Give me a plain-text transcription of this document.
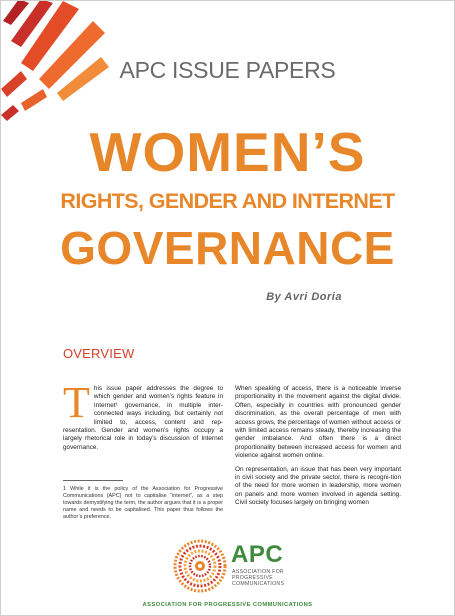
APC ISSUE PAPERS
WOMEN’S
RIGHTS, GENDER AND INTERNET
GOVERNANCE
By Avri Doria
OVERVIEW
T his issue paper addresses the degree to which gender and women’s rights feature in Internet¹ governance, in multiple inter-connected ways including, but certainly not limited to, access, content and rep-resentation. Gender and women’s rights occupy a largely rhetorical role in today’s discussion of Internet governance.

When speaking of access, there is a noticeable inverse proportionality in the movement against the digital divide. Often, especially in countries with pronounced gender discrimination, as the overall percentage of men with access grows, the percentage of women without access or with limited access remains steady, thereby increasing the gender imbalance. And often there is a direct proportionality between increased access for women and violence against women online.

On representation, an issue that has been very important in civil society and the private sector, there is recogni-tion of the need for more women in leadership, more women on panels and more women involved in agenda setting. Civil society focuses largely on bringing women

1 While it is the policy of the Association for Progressive Communications (APC) not to capitalise “internet”, as a step towards demystifying the term, the author argues that it is a proper name and needs to be capitalised. This paper thus follows the author’s preference.
APC
ASSOCIATION FOR PROGRESSIVE COMMUNICATIONS
ASSOCIATION FOR PROGRESSIVE COMMUNICATIONS
